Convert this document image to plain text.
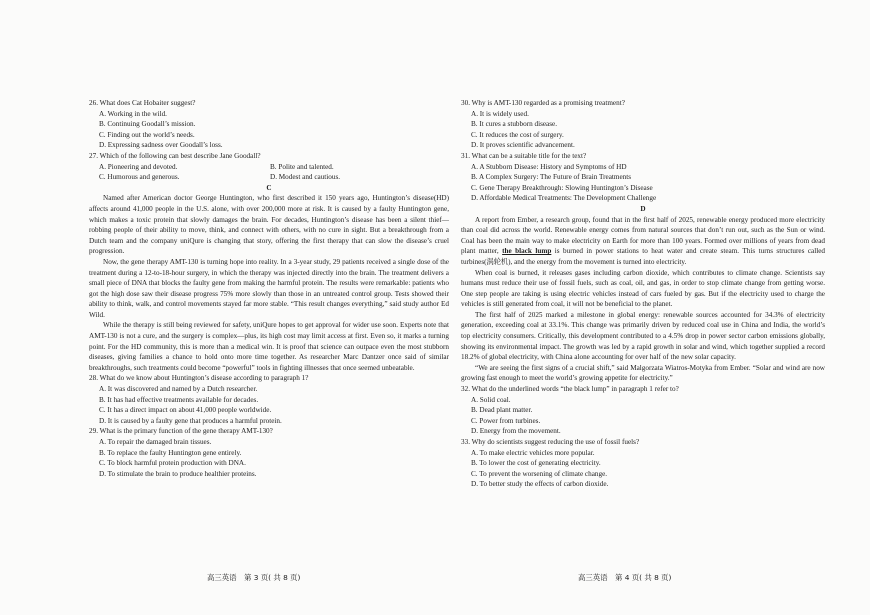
26. What does Cat Hobaiter suggest?

A. Working in the wild.

B. Continuing Goodall’s mission.

C. Finding out the world’s needs.

D. Expressing sadness over Goodall’s loss.

27. Which of the following can best describe Jane Goodall?

A. Pioneering and devoted.	B. Polite and talented.
C. Humorous and generous.	D. Modest and cautious.

C

Named after American doctor George Huntington, who first described it 150 years ago, Huntington’s disease(HD) affects around 41,000 people in the U.S. alone, with over 200,000 more at risk. It is caused by a faulty Huntington gene, which makes a toxic protein that slowly damages the brain. For decades, Huntington’s disease has been a silent thief—robbing people of their ability to move, think, and connect with others, with no cure in sight. But a breakthrough from a Dutch team and the company uniQure is changing that story, offering the first therapy that can slow the disease’s cruel progression.

Now, the gene therapy AMT-130 is turning hope into reality. In a 3-year study, 29 patients received a single dose of the treatment during a 12-to-18-hour surgery, in which the therapy was injected directly into the brain. The treatment delivers a small piece of DNA that blocks the faulty gene from making the harmful protein. The results were remarkable: patients who got the high dose saw their disease progress 75% more slowly than those in an untreated control group. Tests showed their ability to think, walk, and control movements stayed far more stable. “This result changes everything,” said study author Ed Wild.

While the therapy is still being reviewed for safety, uniQure hopes to get approval for wider use soon. Experts note that AMT-130 is not a cure, and the surgery is complex—plus, its high cost may limit access at first. Even so, it marks a turning point. For the HD community, this is more than a medical win. It is proof that science can outpace even the most stubborn diseases, giving families a chance to hold onto more time together. As researcher Marc Dantzer once said of similar breakthroughs, such treatments could become “powerful” tools in fighting illnesses that once seemed unbeatable.

28. What do we know about Huntington’s disease according to paragraph 1?

A. It was discovered and named by a Dutch researcher.

B. It has had effective treatments available for decades.

C. It has a direct impact on about 41,000 people worldwide.

D. It is caused by a faulty gene that produces a harmful protein.

29. What is the primary function of the gene therapy AMT-130?

A. To repair the damaged brain tissues.

B. To replace the faulty Huntington gene entirely.

C. To block harmful protein production with DNA.

D. To stimulate the brain to produce healthier proteins.

30. Why is AMT-130 regarded as a promising treatment?

A. It is widely used.

B. It cures a stubborn disease.

C. It reduces the cost of surgery.

D. It proves scientific advancement.

31. What can be a suitable title for the text?

A. A Stubborn Disease: History and Symptoms of HD

B. A Complex Surgery: The Future of Brain Treatments

C. Gene Therapy Breakthrough: Slowing Huntington’s Disease

D. Affordable Medical Treatments: The Development Challenge

D

A report from Ember, a research group, found that in the first half of 2025, renewable energy produced more electricity than coal did across the world. Renewable energy comes from natural sources that don’t run out, such as the Sun or wind. Coal has been the main way to make electricity on Earth for more than 100 years. Formed over millions of years from dead plant matter, the black lump is burned in power stations to heat water and create steam. This turns structures called turbines(涡轮机), and the energy from the movement is turned into electricity.

When coal is burned, it releases gases including carbon dioxide, which contributes to climate change. Scientists say humans must reduce their use of fossil fuels, such as coal, oil, and gas, in order to stop climate change from getting worse. One step people are taking is using electric vehicles instead of cars fueled by gas. But if the electricity used to charge the vehicles is still generated from coal, it will not be beneficial to the planet.

The first half of 2025 marked a milestone in global energy: renewable sources accounted for 34.3% of electricity generation, exceeding coal at 33.1%. This change was primarily driven by reduced coal use in China and India, the world’s top electricity consumers. Critically, this development contributed to a 4.5% drop in power sector carbon emissions globally, showing its environmental impact. The growth was led by a rapid growth in solar and wind, which together supplied a record 18.2% of global electricity, with China alone accounting for over half of the new solar capacity.

“We are seeing the first signs of a crucial shift,” said Malgorzata Wiatros-Motyka from Ember. “Solar and wind are now growing fast enough to meet the world’s growing appetite for electricity.”

32. What do the underlined words “the black lump” in paragraph 1 refer to?

A. Solid coal.

B. Dead plant matter.

C. Power from turbines.

D. Energy from the movement.

33. Why do scientists suggest reducing the use of fossil fuels?

A. To make electric vehicles more popular.

B. To lower the cost of generating electricity.

C. To prevent the worsening of climate change.

D. To better study the effects of carbon dioxide.

高三英语　第 3 页( 共 8 页)	高三英语　第 4 页( 共 8 页)
